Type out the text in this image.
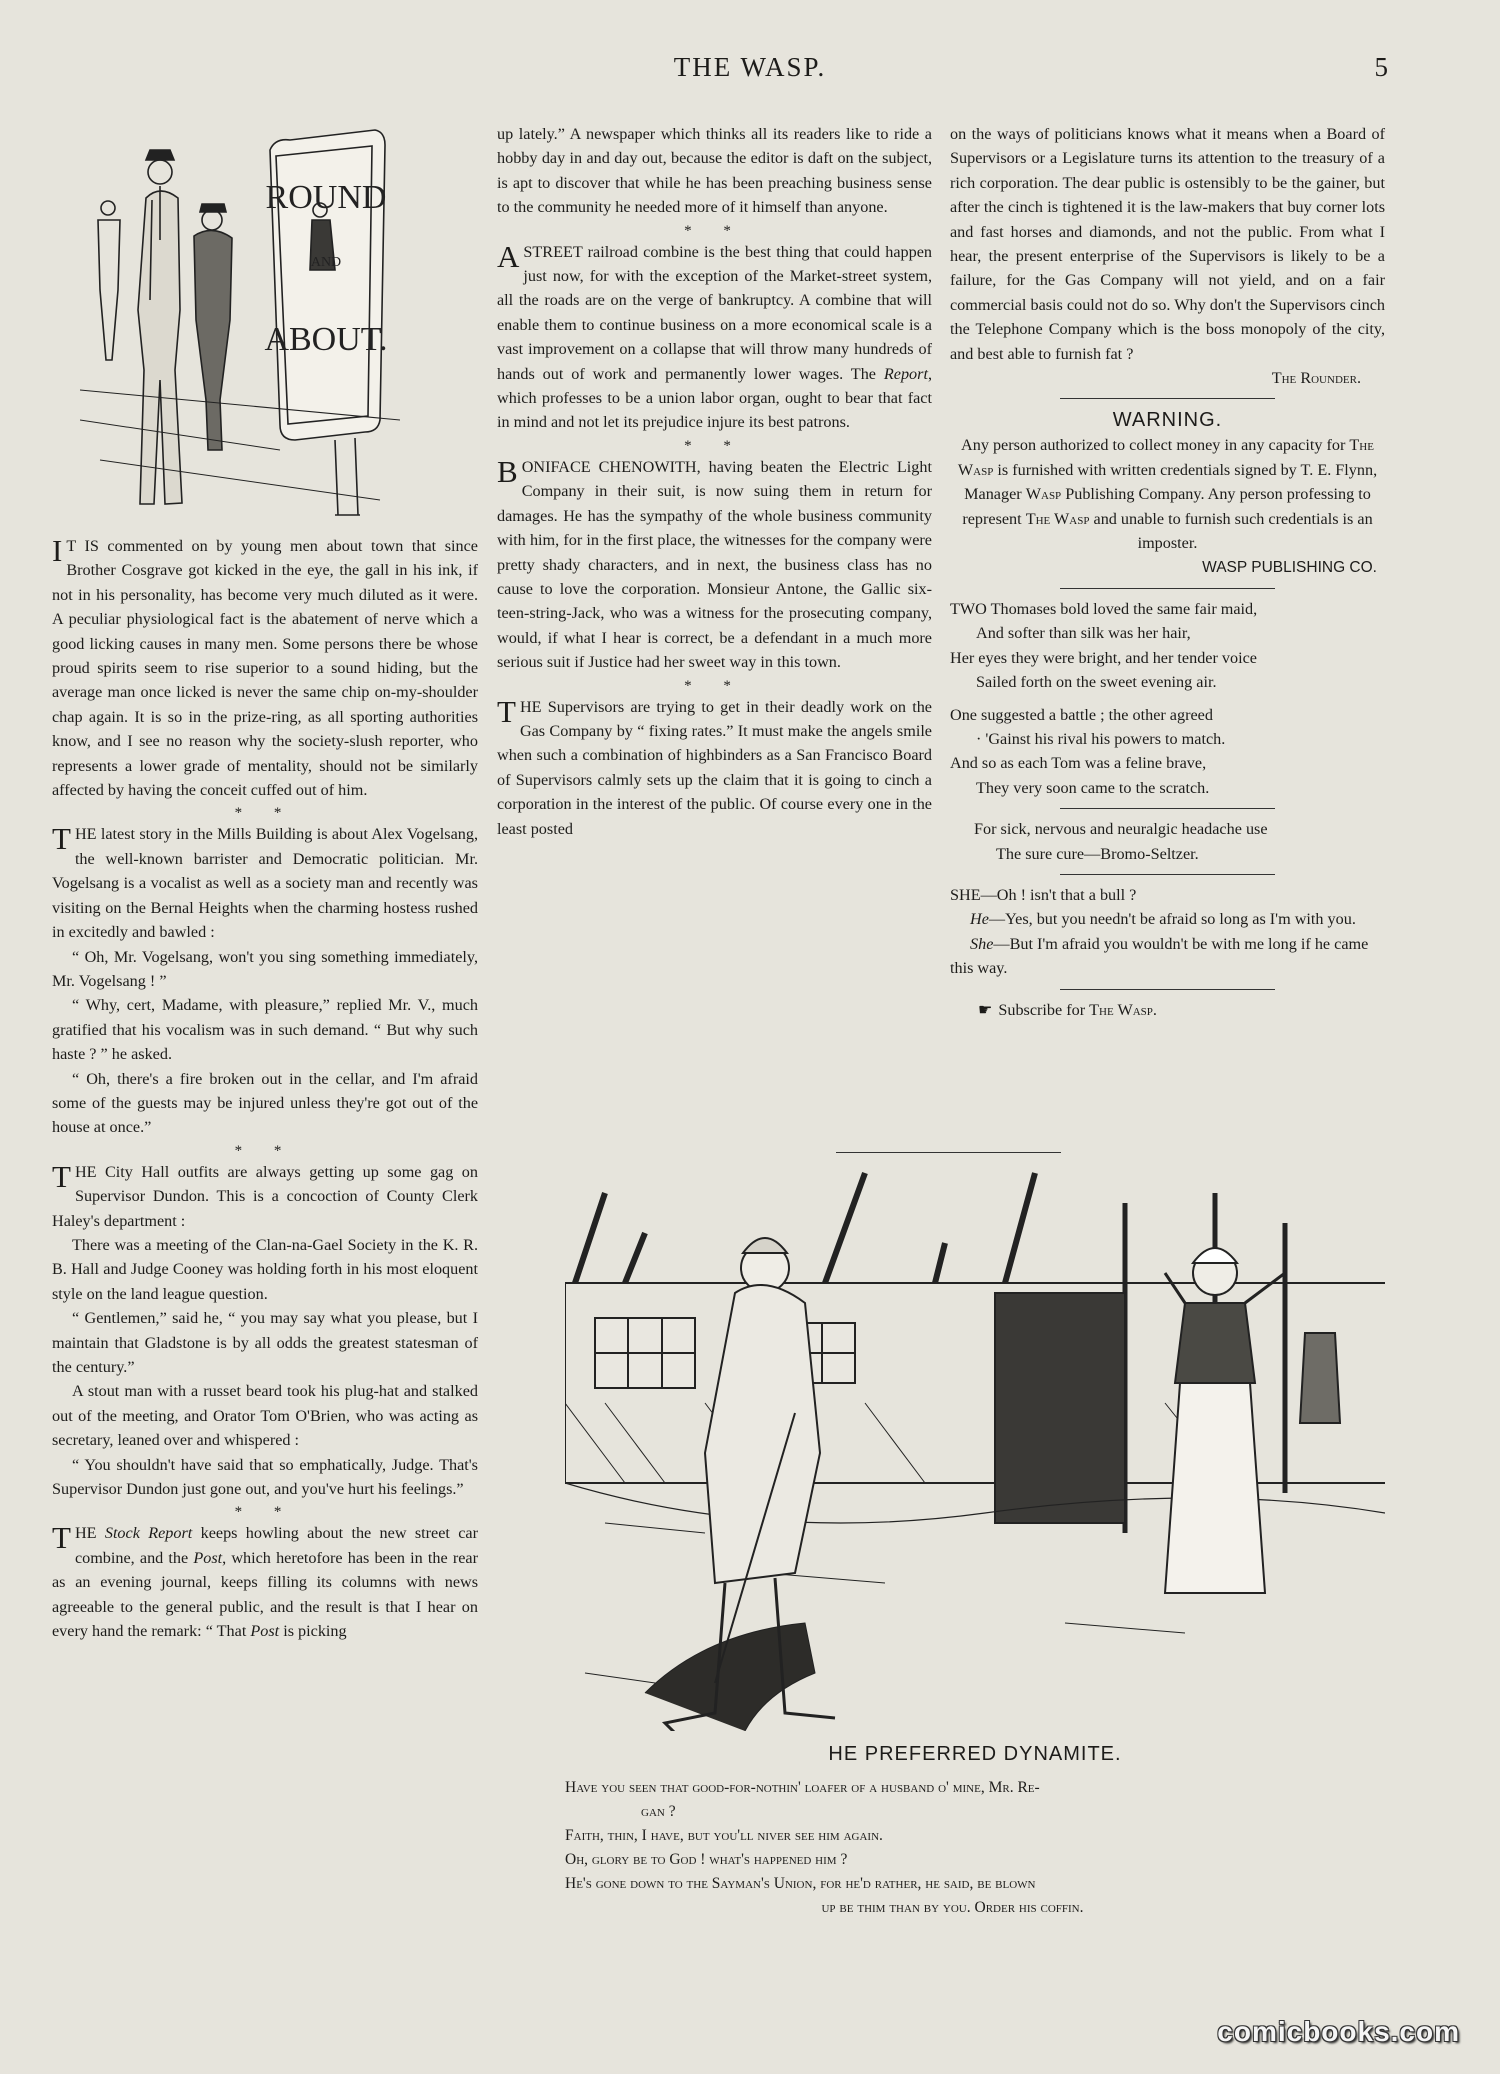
THE WASP.	5
ROUND
AND
ABOUT.

I T IS commented on by young men about town that since Brother Cosgrave got kicked in the eye, the gall in his ink, if not in his personality, has become very much diluted as it were. A peculiar physiological fact is the abatement of nerve which a good licking causes in many men. Some persons there be whose proud spirits seem to rise superior to a sound hiding, but the average man once licked is never the same chip on-my-shoulder chap again. It is so in the prize-ring, as all sporting authorities know, and I see no reason why the society-slush reporter, who represents a lower grade of mentality, should not be similarly affected by having the conceit cuffed out of him.

* *

THE latest story in the Mills Building is about Alex Vogelsang, the well-known barrister and Democratic politician. Mr. Vogelsang is a vocalist as well as a society man and recently was visiting on the Bernal Heights when the charming hostess rushed in excitedly and bawled :

“ Oh, Mr. Vogelsang, won't you sing something immediately, Mr. Vogelsang ! ”

“ Why, cert, Madame, with pleasure,” replied Mr. V., much gratified that his vocalism was in such demand. “ But why such haste ? ” he asked.

“ Oh, there's a fire broken out in the cellar, and I'm afraid some of the guests may be injured unless they're got out of the house at once.”

* *

THE City Hall outfits are always getting up some gag on Supervisor Dundon. This is a concoction of County Clerk Haley's department :

There was a meeting of the Clan-na-Gael Society in the K. R. B. Hall and Judge Cooney was holding forth in his most eloquent style on the land league question.

“ Gentlemen,” said he, “ you may say what you please, but I maintain that Gladstone is by all odds the greatest statesman of the century.”

A stout man with a russet beard took his plug-hat and stalked out of the meeting, and Orator Tom O'Brien, who was acting as secretary, leaned over and whispered :

“ You shouldn't have said that so emphatically, Judge. That's Supervisor Dundon just gone out, and you've hurt his feelings.”

* *

THE Stock Report keeps howling about the new street car combine, and the Post, which heretofore has been in the rear as an evening journal, keeps filling its columns with news agreeable to the general public, and the result is that I hear on every hand the remark: “ That Post is picking

up lately.” A newspaper which thinks all its readers like to ride a hobby day in and day out, because the editor is daft on the subject, is apt to discover that while he has been preaching business sense to the community he needed more of it himself than anyone.

* *

A STREET railroad combine is the best thing that could happen just now, for with the exception of the Market-street system, all the roads are on the verge of bankruptcy. A combine that will enable them to continue business on a more economical scale is a vast improvement on a collapse that will throw many hundreds of hands out of work and permanently lower wages. The Report, which professes to be a union labor organ, ought to bear that fact in mind and not let its prejudice injure its best patrons.

* *

BONIFACE CHENOWITH, having beaten the Electric Light Company in their suit, is now suing them in return for damages. He has the sympathy of the whole business community with him, for in the first place, the witnesses for the company were pretty shady characters, and in next, the business class has no cause to love the corporation. Monsieur Antone, the Gallic six-teen-string-Jack, who was a witness for the prosecuting company, would, if what I hear is correct, be a defendant in a much more serious suit if Justice had her sweet way in this town.

* *

THE Supervisors are trying to get in their deadly work on the Gas Company by “ fixing rates.” It must make the angels smile when such a combination of highbinders as a San Francisco Board of Supervisors calmly sets up the claim that it is going to cinch a corporation in the interest of the public. Of course every one in the least posted

on the ways of politicians knows what it means when a Board of Supervisors or a Legislature turns its attention to the treasury of a rich corporation. The dear public is ostensibly to be the gainer, but after the cinch is tightened it is the law-makers that buy corner lots and fast horses and diamonds, and not the public. From what I hear, the present enterprise of the Supervisors is likely to be a failure, for the Gas Company will not yield, and on a fair commercial basis could not do so. Why don't the Supervisors cinch the Telephone Company which is the boss monopoly of the city, and best able to furnish fat ?

The Rounder.
WARNING.

Any person authorized to collect money in any capacity for The Wasp is furnished with written credentials signed by T. E. Flynn, Manager Wasp Publishing Company. Any person professing to represent The Wasp and unable to furnish such credentials is an imposter.

WASP PUBLISHING CO.
TWO Thomases bold loved the same fair maid,
And softer than silk was her hair,
Her eyes they were bright, and her tender voice
Sailed forth on the sweet evening air.
One suggested a battle ; the other agreed
· 'Gainst his rival his powers to match.
And so as each Tom was a feline brave,
They very soon came to the scratch.
For sick, nervous and neuralgic headache use
The sure cure—Bromo-Seltzer.
SHE—Oh ! isn't that a bull ?
He—Yes, but you needn't be afraid so long as I'm with you.
She—But I'm afraid you wouldn't be with me long if he came this way.
☛ Subscribe for The Wasp.
HE PREFERRED DYNAMITE.
Have you seen that good-for-nothin' loafer of a husband o' mine, Mr. Re-
gan ?
Faith, thin, I have, but you'll niver see him again.
Oh, glory be to God ! what's happened him ?
He's gone down to the Sayman's Union, for he'd rather, he said, be blown
up be thim than by you. Order his coffin.
comicbooks.com
